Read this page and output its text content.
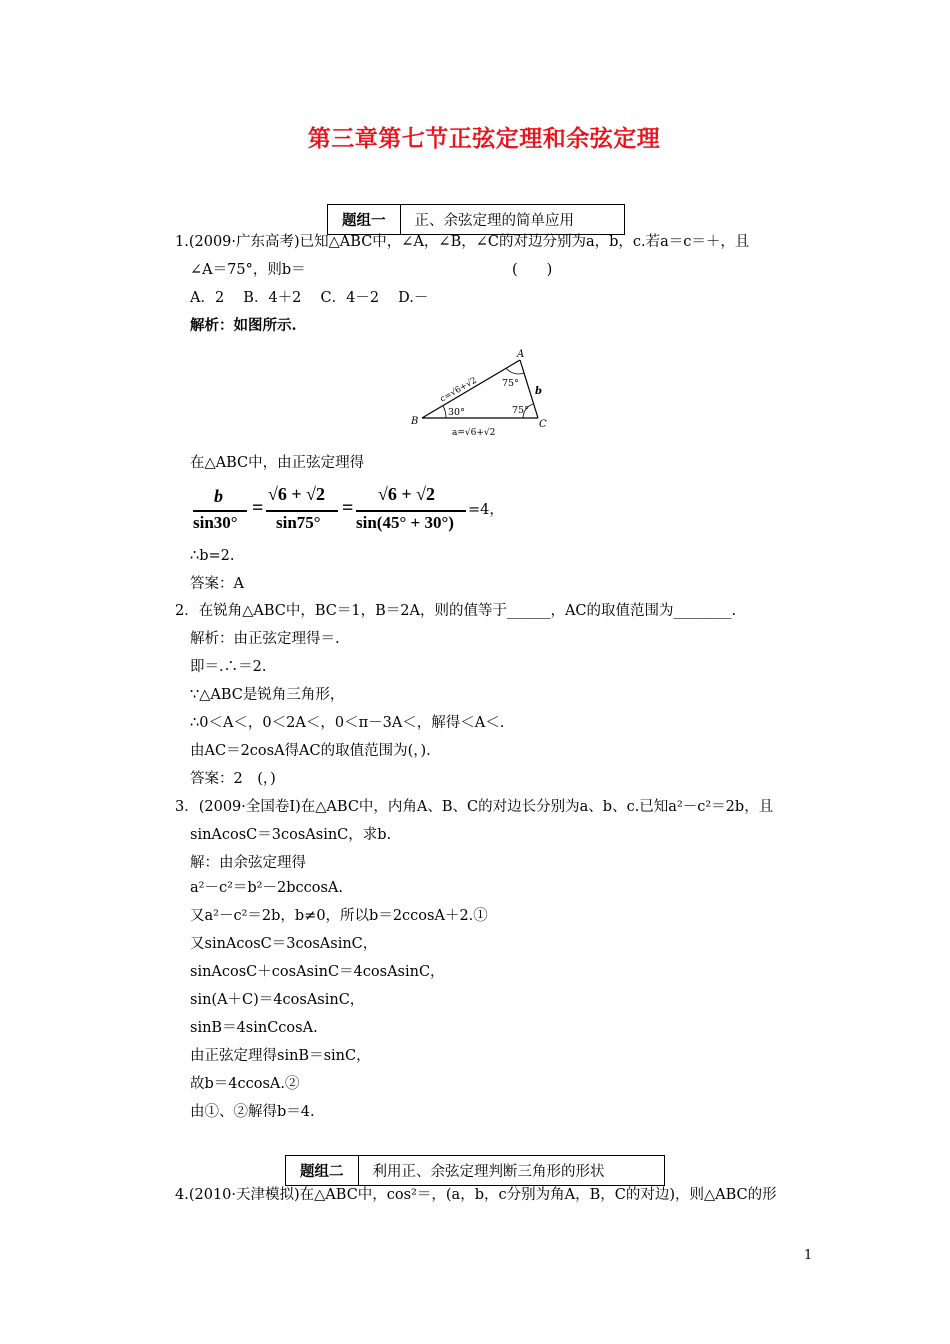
第三章第七节正弦定理和余弦定理
题组一	正、余弦定理的简单应用
1.(2009·广东高考)已知△ABC中，∠A，∠B，∠C的对边分别为a，b，c.若a＝c＝＋，且
∠A＝75°，则b＝	(　　)
A．2　 B．4＋2　 C．4－2　 D.－
解析：如图所示.
A
B	C
b
75°
75°
30°
c=√6+√2
a=√6+√2
在△ABC中，由正弦定理得
b
sin30°
=
√6 + √2
sin75°
=
√6 + √2
sin(45° + 30°)
=4，
∴b=2.
答案：A
2．在锐角△ABC中，BC＝1，B＝2A，则的值等于______，AC的取值范围为________.
解析：由正弦定理得＝.
即＝.∴＝2.
∵△ABC是锐角三角形，
∴0＜A＜，0＜2A＜，0＜π－3A＜，解得＜A＜.
由AC＝2cosA得AC的取值范围为(，).
答案：2　(，)
3．(2009·全国卷Ⅰ)在△ABC中，内角A、B、C的对边长分别为a、b、c.已知a²－c²＝2b，且
sinAcosC＝3cosAsinC，求b.
解：由余弦定理得
a²－c²＝b²－2bccosA.
又a²－c²＝2b，b≠0，所以b＝2ccosA＋2.①
又sinAcosC＝3cosAsinC，
sinAcosC＋cosAsinC＝4cosAsinC，
sin(A＋C)＝4cosAsinC，
sinB＝4sinCcosA.
由正弦定理得sinB＝sinC，
故b＝4ccosA.②
由①、②解得b＝4.
题组二	利用正、余弦定理判断三角形的形状
4.(2010·天津模拟)在△ABC中，cos²＝，(a，b，c分别为角A，B，C的对边)，则△ABC的形
1
